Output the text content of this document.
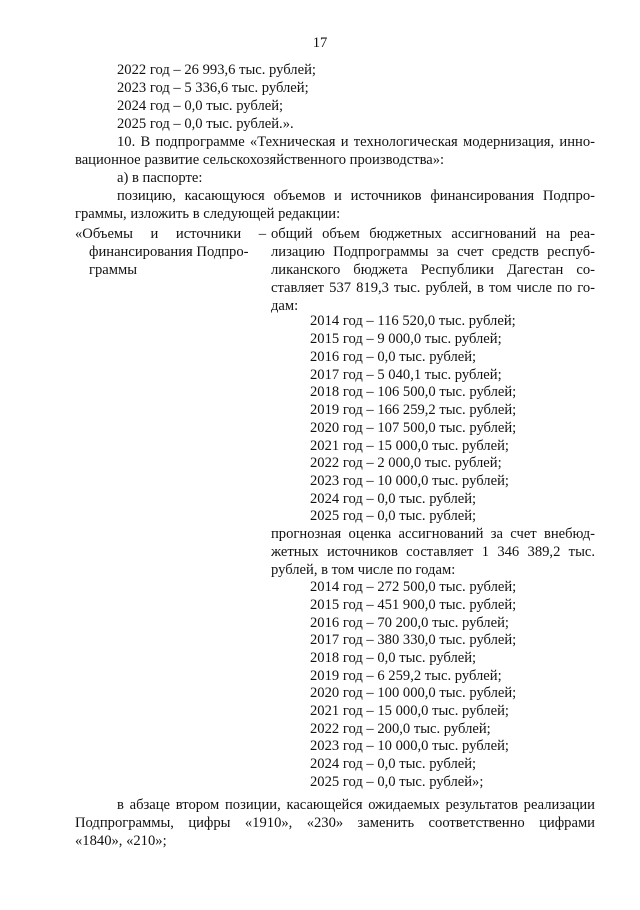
17
2022 год – 26 993,6 тыс. рублей;
2023 год – 5 336,6 тыс. рублей;
2024 год – 0,0 тыс. рублей;
2025 год – 0,0 тыс. рублей.».
10. В подпрограмме «Техническая и технологическая модернизация, инно-
вационное развитие сельскохозяйственного производства»:
а) в паспорте:
позицию, касающуюся объемов и источников финансирования Подпро-
граммы, изложить в следующей редакции:
«Объемы и источники –
финансирования Подпро-
граммы
общий объем бюджетных ассигнований на реа-
лизацию Подпрограммы за счет средств респуб-
ликанского бюджета Республики Дагестан со-
ставляет 537 819,3 тыс. рублей, в том числе по го-
дам:
2014 год – 116 520,0 тыс. рублей;
2015 год – 9 000,0 тыс. рублей;
2016 год – 0,0 тыс. рублей;
2017 год – 5 040,1 тыс. рублей;
2018 год – 106 500,0 тыс. рублей;
2019 год – 166 259,2 тыс. рублей;
2020 год – 107 500,0 тыс. рублей;
2021 год – 15 000,0 тыс. рублей;
2022 год – 2 000,0 тыс. рублей;
2023 год – 10 000,0 тыс. рублей;
2024 год – 0,0 тыс. рублей;
2025 год – 0,0 тыс. рублей;
прогнозная оценка ассигнований за счет внебюд-
жетных источников составляет 1 346 389,2 тыс.
рублей, в том числе по годам:
2014 год – 272 500,0 тыс. рублей;
2015 год – 451 900,0 тыс. рублей;
2016 год – 70 200,0 тыс. рублей;
2017 год – 380 330,0 тыс. рублей;
2018 год – 0,0 тыс. рублей;
2019 год – 6 259,2 тыс. рублей;
2020 год – 100 000,0 тыс. рублей;
2021 год – 15 000,0 тыс. рублей;
2022 год – 200,0 тыс. рублей;
2023 год – 10 000,0 тыс. рублей;
2024 год – 0,0 тыс. рублей;
2025 год – 0,0 тыс. рублей»;
в абзаце втором позиции, касающейся ожидаемых результатов реализации
Подпрограммы, цифры «1910», «230» заменить соответственно цифрами
«1840», «210»;
